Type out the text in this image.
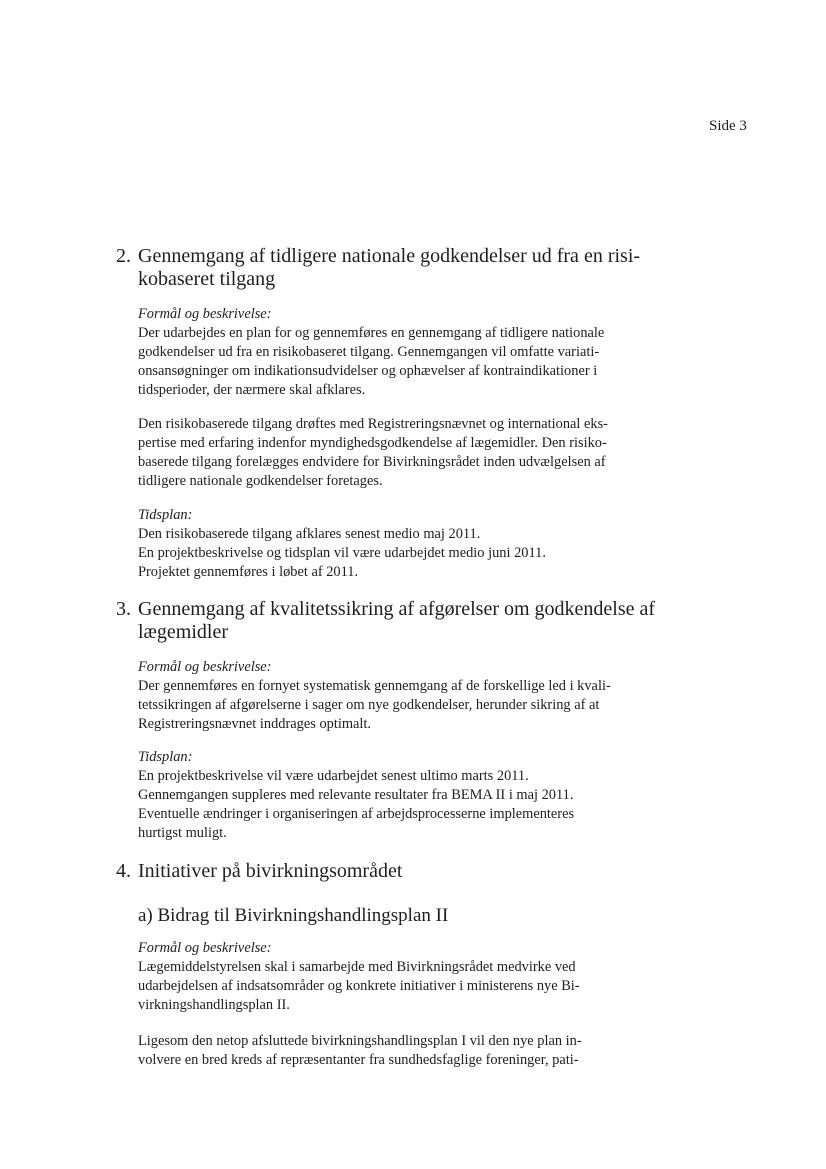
Side 3
2. Gennemgang af tidligere nationale godkendelser ud fra en risi-
kobaseret tilgang
Formål og beskrivelse:
Der udarbejdes en plan for og gennemføres en gennemgang af tidligere nationale
godkendelser ud fra en risikobaseret tilgang. Gennemgangen vil omfatte variati-
onsansøgninger om indikationsudvidelser og ophævelser af kontraindikationer i
tidsperioder, der nærmere skal afklares.
Den risikobaserede tilgang drøftes med Registreringsnævnet og international eks-
pertise med erfaring indenfor myndighedsgodkendelse af lægemidler. Den risiko-
baserede tilgang forelægges endvidere for Bivirkningsrådet inden udvælgelsen af
tidligere nationale godkendelser foretages.
Tidsplan:
Den risikobaserede tilgang afklares senest medio maj 2011.
En projektbeskrivelse og tidsplan vil være udarbejdet medio juni 2011.
Projektet gennemføres i løbet af 2011.
3. Gennemgang af kvalitetssikring af afgørelser om godkendelse af
lægemidler
Formål og beskrivelse:
Der gennemføres en fornyet systematisk gennemgang af de forskellige led i kvali-
tetssikringen af afgørelserne i sager om nye godkendelser, herunder sikring af at
Registreringsnævnet inddrages optimalt.
Tidsplan:
En projektbeskrivelse vil være udarbejdet senest ultimo marts 2011.
Gennemgangen suppleres med relevante resultater fra BEMA II i maj 2011.
Eventuelle ændringer i organiseringen af arbejdsprocesserne implementeres
hurtigst muligt.
4. Initiativer på bivirkningsområdet
a) Bidrag til Bivirkningshandlingsplan II
Formål og beskrivelse:
Lægemiddelstyrelsen skal i samarbejde med Bivirkningsrådet medvirke ved
udarbejdelsen af indsatsområder og konkrete initiativer i ministerens nye Bi-
virkningshandlingsplan II.
Ligesom den netop afsluttede bivirkningshandlingsplan I vil den nye plan in-
volvere en bred kreds af repræsentanter fra sundhedsfaglige foreninger, pati-
